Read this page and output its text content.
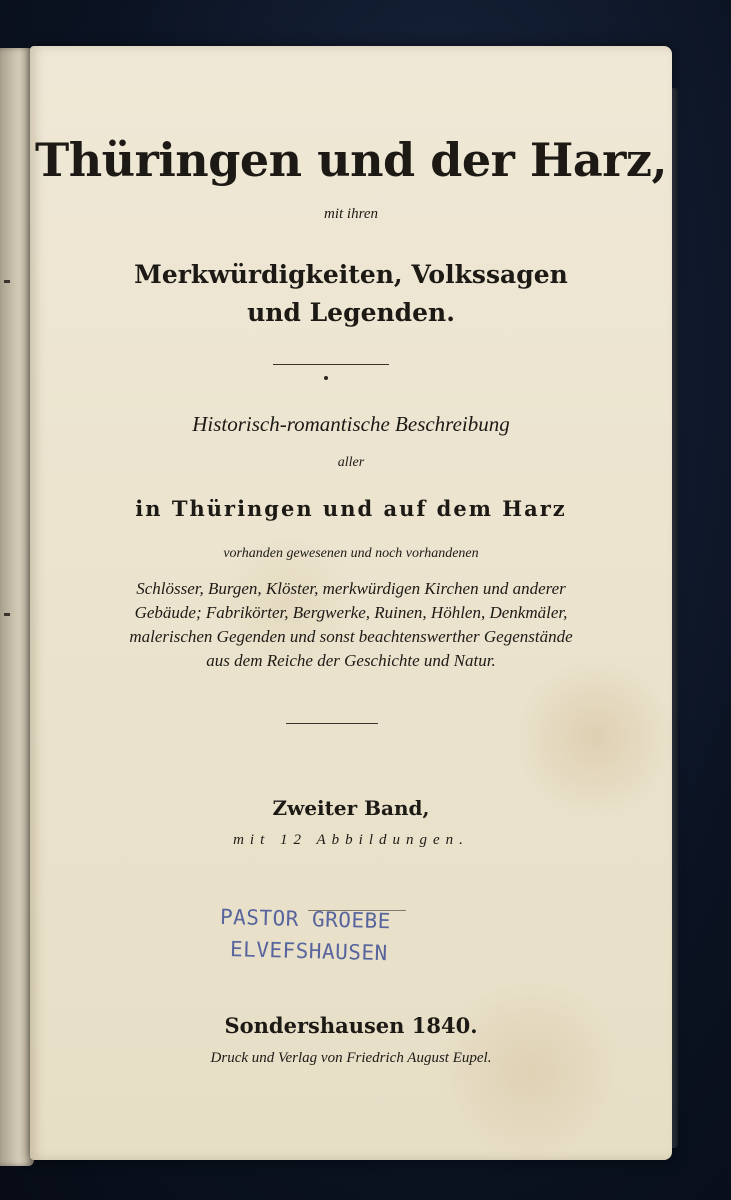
Thüringen und der Harz,

mit ihren

Merkwürdigkeiten, Volkssagen

und Legenden.

Historisch-romantische Beschreibung

aller

in Thüringen und auf dem Harz

vorhanden gewesenen und noch vorhandenen

Schlösser, Burgen, Klöster, merkwürdigen Kirchen und anderer

Gebäude; Fabrikörter, Bergwerke, Ruinen, Höhlen, Denkmäler,

malerischen Gegenden und sonst beachtenswerther Gegenstände

aus dem Reiche der Geschichte und Natur.

Zweiter Band,

mit 12 Abbildungen.

PASTOR GROEBE
ELVEFSHAUSEN

Sondershausen 1840.

Druck und Verlag von Friedrich August Eupel.
